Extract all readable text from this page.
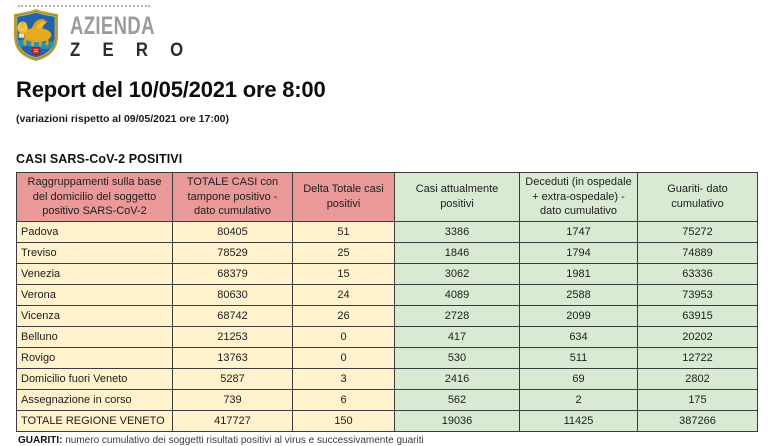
AZIENDA
Z E R O
Report del 10/05/2021 ore 8:00
(variazioni rispetto al 09/05/2021 ore 17:00)
CASI SARS-CoV-2 POSITIVI
Raggruppamenti sulla base del domicilio del soggetto positivo SARS-CoV-2	TOTALE CASI con tampone positivo -dato cumulativo	Delta Totale casi positivi	Casi attualmente positivi	Deceduti (in ospedale + extra-ospedale) -dato cumulativo	Guariti- dato cumulativo
Padova	80405	51	3386	1747	75272
Treviso	78529	25	1846	1794	74889
Venezia	68379	15	3062	1981	63336
Verona	80630	24	4089	2588	73953
Vicenza	68742	26	2728	2099	63915
Belluno	21253	0	417	634	20202
Rovigo	13763	0	530	511	12722
Domicilio fuori Veneto	5287	3	2416	69	2802
Assegnazione in corso	739	6	562	2	175
TOTALE REGIONE VENETO	417727	150	19036	11425	387266
GUARITI: numero cumulativo dei soggetti risultati positivi al virus e successivamente guariti
